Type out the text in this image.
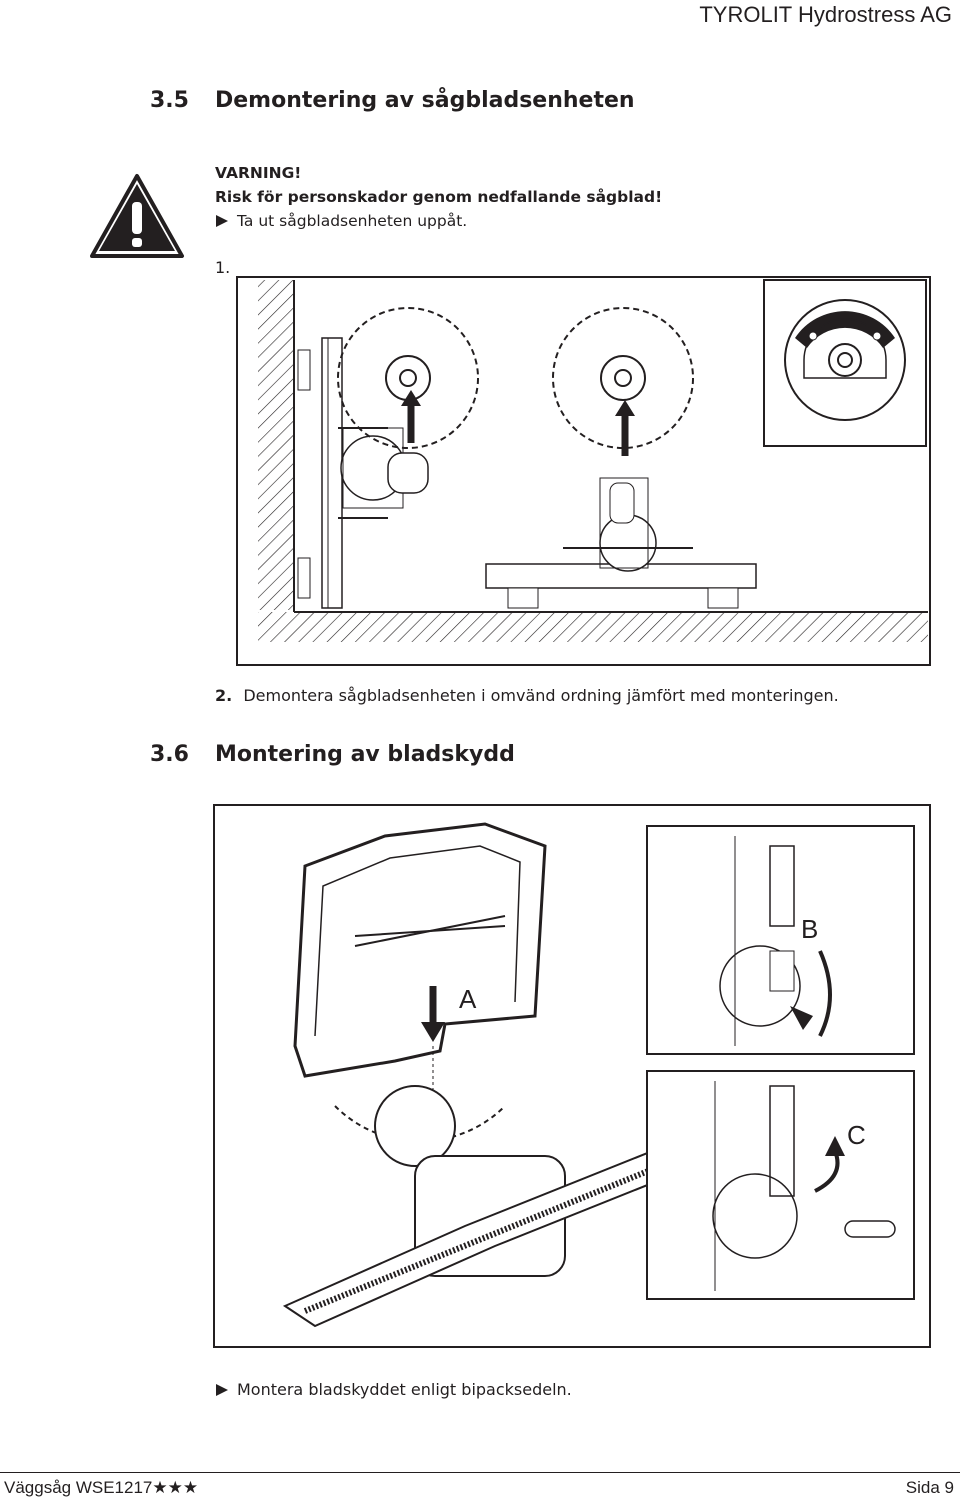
TYROLIT Hydrostress AG
3.5 Demontering av sågbladsenheten
VARNING!
Risk för personskador genom nedfallande sågblad!
Ta ut sågbladsenheten uppåt.
1.
2. Demontera sågbladsenheten i omvänd ordning jämfört med monteringen.
3.6 Montering av bladskydd
A
B
C
Montera bladskyddet enligt bipacksedeln.
Väggsåg WSE1217★★★	Sida 9
